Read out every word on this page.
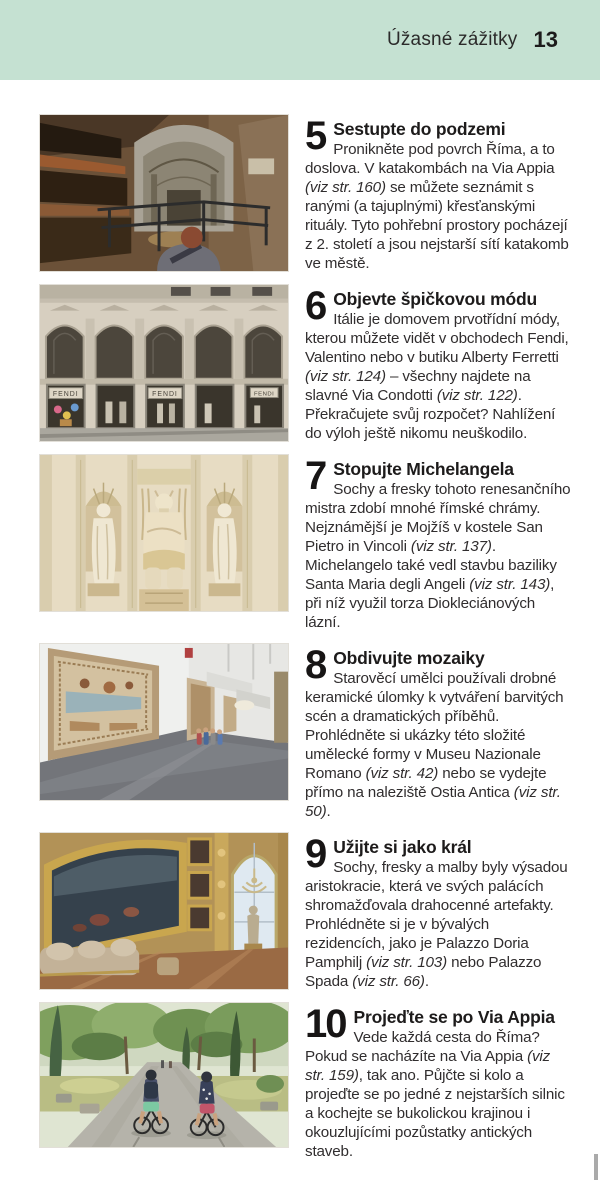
Úžasné zážitky 13
5 Sestupte do podzemi

Pronikněte pod povrch Říma, a to doslova. V katakombách na Via Appia (viz str. 160) se můžete seznámit s ranými (a tajuplnými) křesťanskými rituály. Tyto pohřební prostory pocházejí z 2. století a jsou nejstarší sítí katakomb ve městě.

FENDI	FENDI	FENDI
6 Objevte špičkovou módu

Itálie je domovem prvotřídní módy, kterou můžete vidět v obchodech Fendi, Valentino nebo v butiku Alberty Ferretti (viz str. 124) – všechny najdete na slavné Via Condotti (viz str. 122). Překračujete svůj rozpočet? Nahlížení do výloh ještě nikomu neuškodilo.

7 Stopujte Michelangela

Sochy a fresky tohoto renesančního mistra zdobí mnohé římské chrámy. Nejznámější je Mojžíš v kostele San Pietro in Vincoli (viz str. 137). Michelangelo také vedl stavbu baziliky Santa Maria degli Angeli (viz str. 143), při níž využil torza Diokleciánových lázní.

8 Obdivujte mozaiky

Starověcí umělci používali drobné keramické úlomky k vytváření barvitých scén a dramatických příběhů. Prohlédněte si ukázky této složité umělecké formy v Museu Nazionale Romano (viz str. 42) nebo se vydejte přímo na naleziště Ostia Antica (viz str. 50).

9 Užijte si jako král

Sochy, fresky a malby byly výsadou aristokracie, která ve svých palácích shromažďovala drahocenné artefakty. Prohlédněte si je v bývalých rezidencích, jako je Palazzo Doria Pamphilj (viz str. 103) nebo Palazzo Spada (viz str. 66).

10 Projeďte se po Via Appia

Vede každá cesta do Říma? Pokud se nacházíte na Via Appia (viz str. 159), tak ano. Půjčte si kolo a projeďte se po jedné z nejstarších silnic a kochejte se bukolickou krajinou i okouzlujícími pozůstatky antických staveb.
